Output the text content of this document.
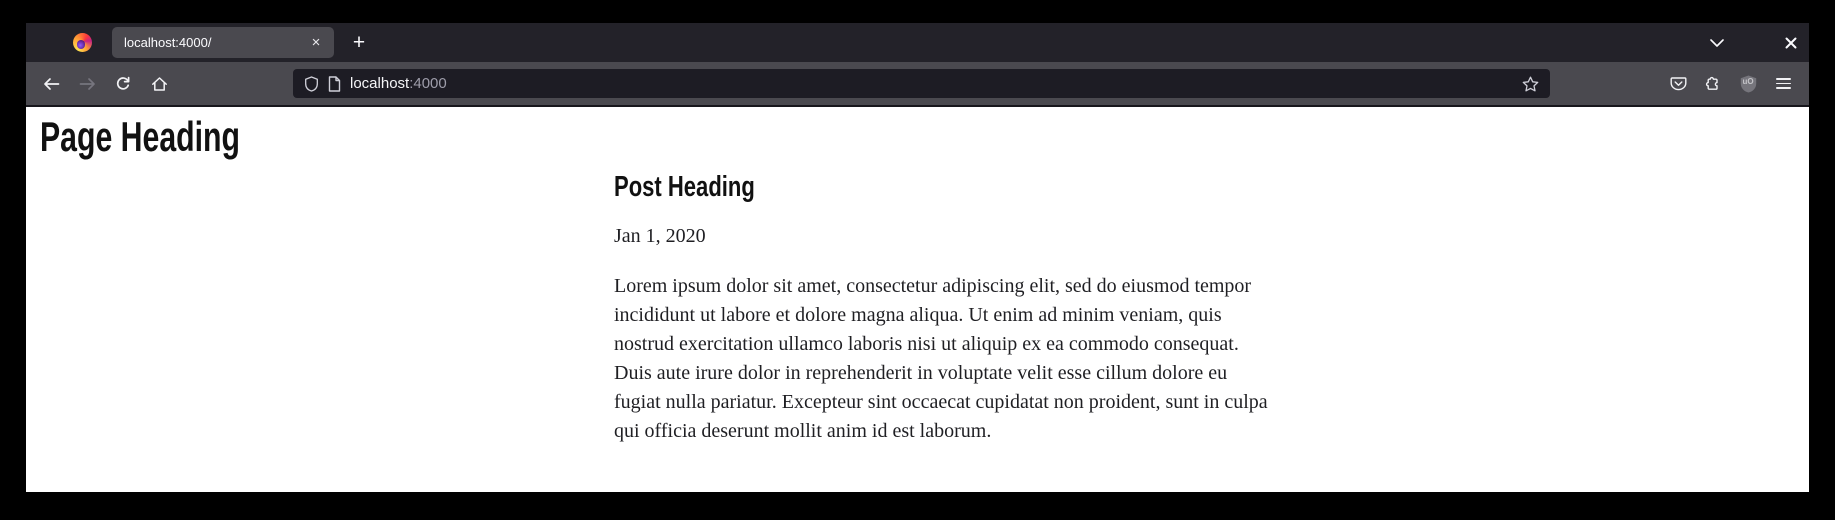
localhost:4000/	×	+
localhost:4000	uO
Page Heading
Post Heading
Jan 1, 2020

Lorem ipsum dolor sit amet, consectetur adipiscing elit, sed do eiusmod tempor incididunt ut labore et dolore magna aliqua. Ut enim ad minim veniam, quis nostrud exercitation ullamco laboris nisi ut aliquip ex ea commodo consequat. Duis aute irure dolor in reprehenderit in voluptate velit esse cillum dolore eu fugiat nulla pariatur. Excepteur sint occaecat cupidatat non proident, sunt in culpa qui officia deserunt mollit anim id est laborum.
